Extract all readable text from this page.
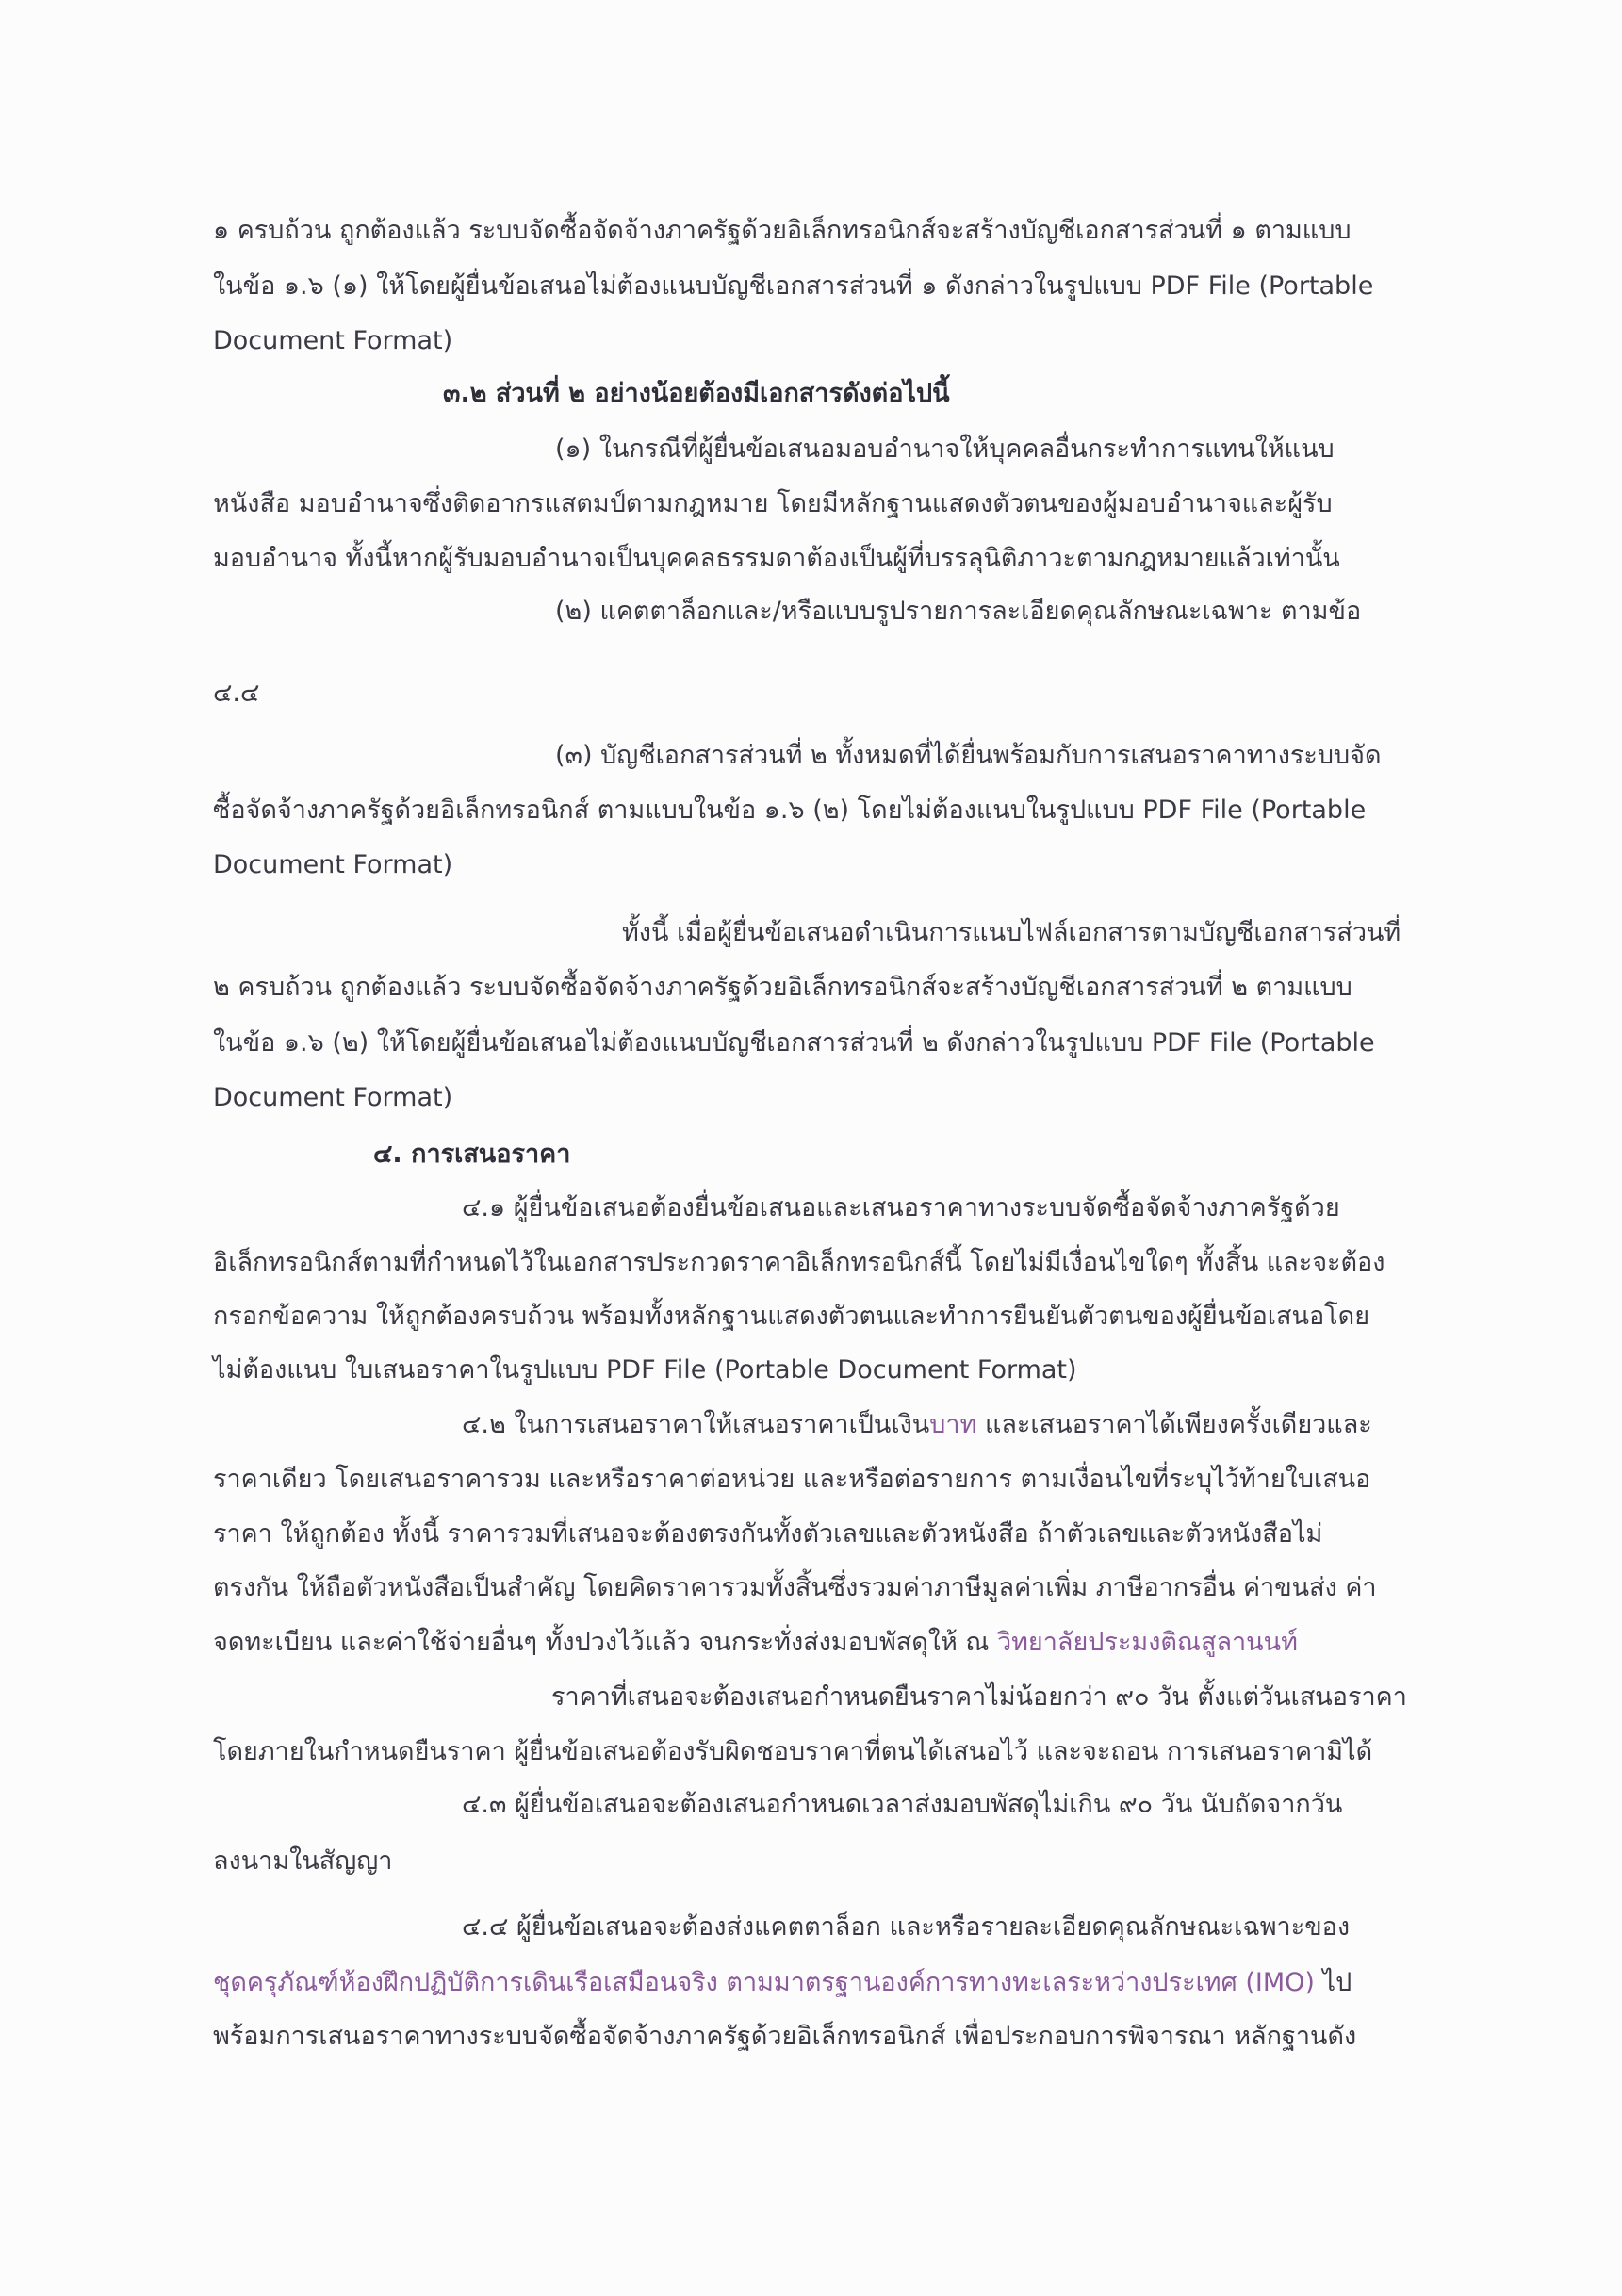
๑ ครบถ้วน ถูกต้องแล้ว ระบบจัดซื้อจัดจ้างภาครัฐด้วยอิเล็กทรอนิกส์จะสร้างบัญชีเอกสารส่วนที่ ๑ ตามแบบ
ในข้อ ๑.๖ (๑) ให้โดยผู้ยื่นข้อเสนอไม่ต้องแนบบัญชีเอกสารส่วนที่ ๑ ดังกล่าวในรูปแบบ PDF File (Portable
Document Format)
๓.๒ ส่วนที่ ๒ อย่างน้อยต้องมีเอกสารดังต่อไปนี้
(๑) ในกรณีที่ผู้ยื่นข้อเสนอมอบอำนาจให้บุคคลอื่นกระทำการแทนให้แนบ
หนังสือ มอบอำนาจซึ่งติดอากรแสตมป์ตามกฎหมาย โดยมีหลักฐานแสดงตัวตนของผู้มอบอำนาจและผู้รับ
มอบอำนาจ ทั้งนี้หากผู้รับมอบอำนาจเป็นบุคคลธรรมดาต้องเป็นผู้ที่บรรลุนิติภาวะตามกฎหมายแล้วเท่านั้น
(๒) แคตตาล็อกและ/หรือแบบรูปรายการละเอียดคุณลักษณะเฉพาะ ตามข้อ
๔.๔
(๓) บัญชีเอกสารส่วนที่ ๒ ทั้งหมดที่ได้ยื่นพร้อมกับการเสนอราคาทางระบบจัด
ซื้อจัดจ้างภาครัฐด้วยอิเล็กทรอนิกส์ ตามแบบในข้อ ๑.๖ (๒) โดยไม่ต้องแนบในรูปแบบ PDF File (Portable
Document Format)
ทั้งนี้ เมื่อผู้ยื่นข้อเสนอดำเนินการแนบไฟล์เอกสารตามบัญชีเอกสารส่วนที่
๒ ครบถ้วน ถูกต้องแล้ว ระบบจัดซื้อจัดจ้างภาครัฐด้วยอิเล็กทรอนิกส์จะสร้างบัญชีเอกสารส่วนที่ ๒ ตามแบบ
ในข้อ ๑.๖ (๒) ให้โดยผู้ยื่นข้อเสนอไม่ต้องแนบบัญชีเอกสารส่วนที่ ๒ ดังกล่าวในรูปแบบ PDF File (Portable
Document Format)
๔. การเสนอราคา
๔.๑ ผู้ยื่นข้อเสนอต้องยื่นข้อเสนอและเสนอราคาทางระบบจัดซื้อจัดจ้างภาครัฐด้วย
อิเล็กทรอนิกส์ตามที่กำหนดไว้ในเอกสารประกวดราคาอิเล็กทรอนิกส์นี้ โดยไม่มีเงื่อนไขใดๆ ทั้งสิ้น และจะต้อง
กรอกข้อความ ให้ถูกต้องครบถ้วน พร้อมทั้งหลักฐานแสดงตัวตนและทำการยืนยันตัวตนของผู้ยื่นข้อเสนอโดย
ไม่ต้องแนบ ใบเสนอราคาในรูปแบบ PDF File (Portable Document Format)
๔.๒ ในการเสนอราคาให้เสนอราคาเป็นเงินบาท และเสนอราคาได้เพียงครั้งเดียวและ
ราคาเดียว โดยเสนอราคารวม และหรือราคาต่อหน่วย และหรือต่อรายการ ตามเงื่อนไขที่ระบุไว้ท้ายใบเสนอ
ราคา ให้ถูกต้อง ทั้งนี้ ราคารวมที่เสนอจะต้องตรงกันทั้งตัวเลขและตัวหนังสือ ถ้าตัวเลขและตัวหนังสือไม่
ตรงกัน ให้ถือตัวหนังสือเป็นสำคัญ โดยคิดราคารวมทั้งสิ้นซึ่งรวมค่าภาษีมูลค่าเพิ่ม ภาษีอากรอื่น ค่าขนส่ง ค่า
จดทะเบียน และค่าใช้จ่ายอื่นๆ ทั้งปวงไว้แล้ว จนกระทั่งส่งมอบพัสดุให้ ณ วิทยาลัยประมงติณสูลานนท์
ราคาที่เสนอจะต้องเสนอกำหนดยืนราคาไม่น้อยกว่า ๙๐ วัน ตั้งแต่วันเสนอราคา
โดยภายในกำหนดยืนราคา ผู้ยื่นข้อเสนอต้องรับผิดชอบราคาที่ตนได้เสนอไว้ และจะถอน การเสนอราคามิได้
๔.๓ ผู้ยื่นข้อเสนอจะต้องเสนอกำหนดเวลาส่งมอบพัสดุไม่เกิน ๙๐ วัน นับถัดจากวัน
ลงนามในสัญญา
๔.๔ ผู้ยื่นข้อเสนอจะต้องส่งแคตตาล็อก และหรือรายละเอียดคุณลักษณะเฉพาะของ
ชุดครุภัณฑ์ห้องฝึกปฏิบัติการเดินเรือเสมือนจริง ตามมาตรฐานองค์การทางทะเลระหว่างประเทศ (IMO) ไป
พร้อมการเสนอราคาทางระบบจัดซื้อจัดจ้างภาครัฐด้วยอิเล็กทรอนิกส์ เพื่อประกอบการพิจารณา หลักฐานดัง
